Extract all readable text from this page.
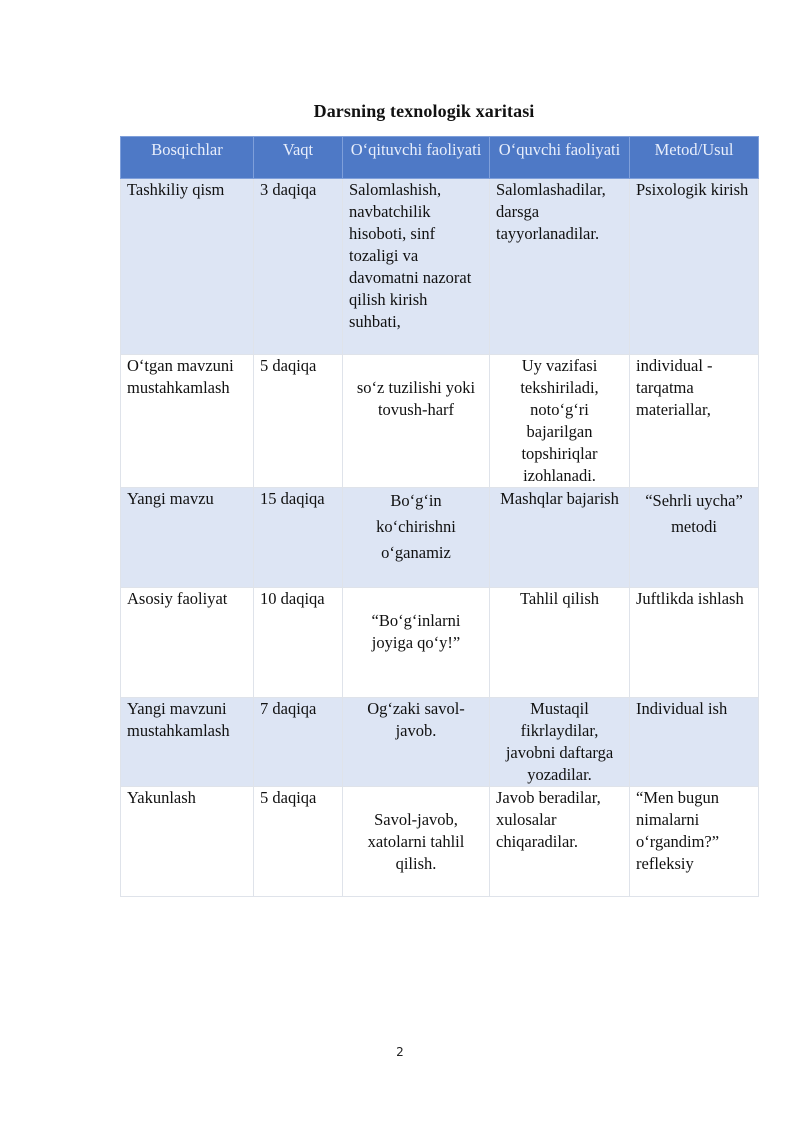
Darsning texnologik xaritasi
Bosqichlar	Vaqt	O‘qituvchi faoliyati	O‘quvchi faoliyati	Metod/Usul
Tashkiliy qism	3 daqiqa	Salomlashish, navbatchilik hisoboti, sinf tozaligi va davomatni nazorat qilish kirish suhbati,	Salomlashadilar, darsga tayyorlanadilar.	Psixologik kirish
O‘tgan mavzuni mustahkamlash	5 daqiqa	so‘z tuzilishi yoki tovush-harf	Uy vazifasi tekshiriladi, noto‘g‘ri bajarilgan topshiriqlar izohlanadi.	individual - tarqatma materiallar,
Yangi mavzu	15 daqiqa	Bo‘g‘in ko‘chirishni o‘ganamiz	Mashqlar bajarish	“Sehrli uycha” metodi
Asosiy faoliyat	10 daqiqa	“Bo‘g‘inlarni joyiga qo‘y!”	Tahlil qilish	Juftlikda ishlash
Yangi mavzuni mustahkamlash	7 daqiqa	Og‘zaki savol-javob.	Mustaqil fikrlaydilar, javobni daftarga yozadilar.	Individual ish
Yakunlash	5 daqiqa	Savol-javob, xatolarni tahlil qilish.	Javob beradilar, xulosalar chiqaradilar.	“Men bugun nimalarni o‘rgandim?” refleksiy
2
